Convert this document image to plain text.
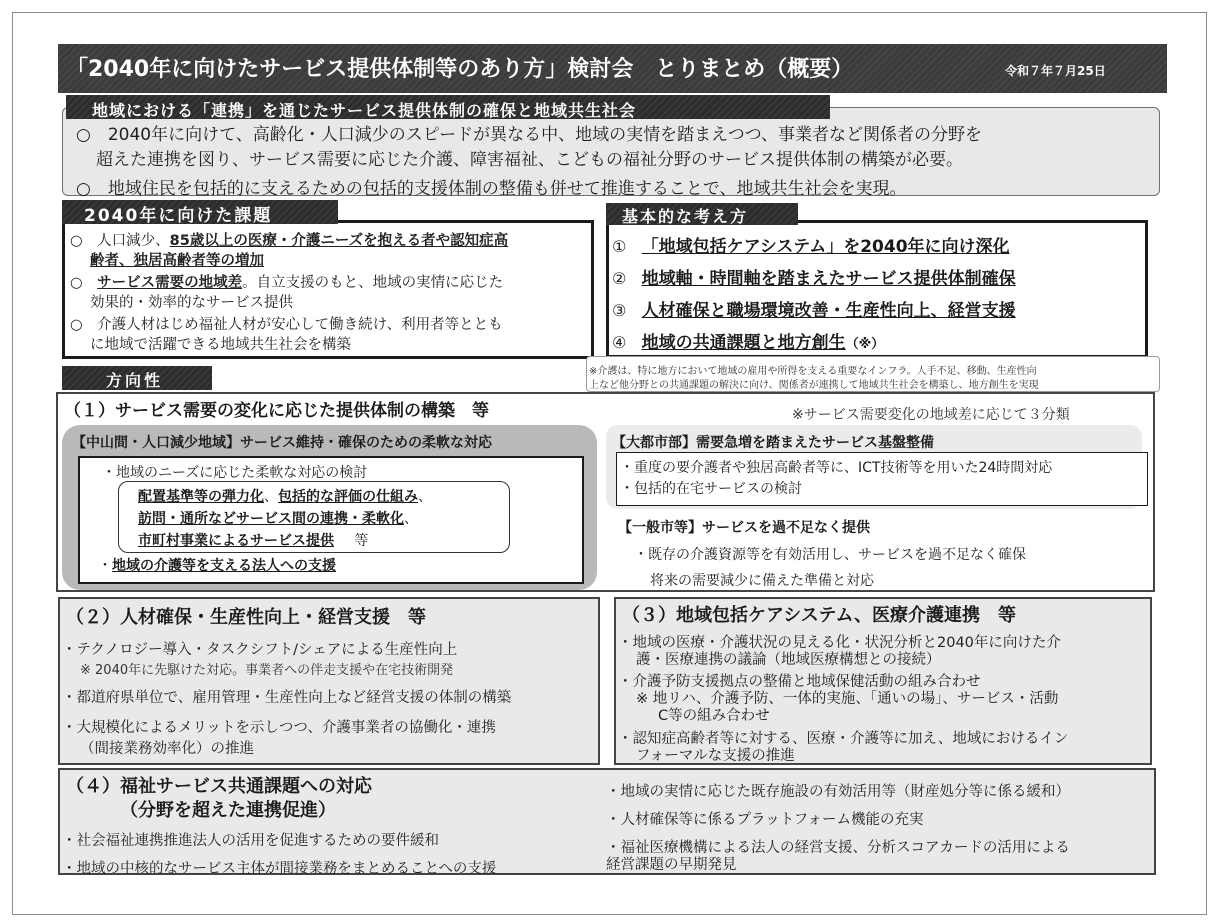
「2040年に向けたサービス提供体制等のあり方」検討会　とりまとめ（概要）	令和７年７月25日
地域における「連携」を通じたサービス提供体制の確保と地域共生社会
○　2040年に向けて、高齢化・人口減少のスピードが異なる中、地域の実情を踏まえつつ、事業者など関係者の分野を
超えた連携を図り、サービス需要に応じた介護、障害福祉、こどもの福祉分野のサービス提供体制の構築が必要。
○　地域住民を包括的に支えるための包括的支援体制の整備も併せて推進することで、地域共生社会を実現。
2040年に向けた課題
○　人口減少、85歳以上の医療・介護ニーズを抱える者や認知症高
齢者、独居高齢者等の増加
○　サービス需要の地域差。自立支援のもと、地域の実情に応じた
効果的・効率的なサービス提供
○　介護人材はじめ福祉人材が安心して働き続け、利用者等ととも
に地域で活躍できる地域共生社会を構築
基本的な考え方
① 「地域包括ケアシステム」を2040年に向け深化
② 地域軸・時間軸を踏まえたサービス提供体制確保
③ 人材確保と職場環境改善・生産性向上、経営支援
④ 地域の共通課題と地方創生（※）
※介護は、特に地方において地域の雇用や所得を支える重要なインフラ。人手不足、移動、生産性向
上など他分野との共通課題の解決に向け、関係者が連携して地域共生社会を構築し、地方創生を実現
方向性
（１）サービス需要の変化に応じた提供体制の構築　等	※サービス需要変化の地域差に応じて３分類
【中山間・人口減少地域】サービス維持・確保のための柔軟な対応
・地域のニーズに応じた柔軟な対応の検討
配置基準等の弾力化、包括的な評価の仕組み、
訪問・通所などサービス間の連携・柔軟化、
市町村事業によるサービス提供 等
・地域の介護等を支える法人への支援
【大都市部】需要急増を踏まえたサービス基盤整備
・重度の要介護者や独居高齢者等に、ICT技術等を用いた24時間対応
・包括的在宅サービスの検討
【一般市等】サービスを過不足なく提供
・既存の介護資源等を有効活用し、サービスを過不足なく確保
将来の需要減少に備えた準備と対応
（２）人材確保・生産性向上・経営支援　等
・テクノロジー導入・タスクシフト/シェアによる生産性向上
※ 2040年に先駆けた対応。事業者への伴走支援や在宅技術開発
・都道府県単位で、雇用管理・生産性向上など経営支援の体制の構築
・大規模化によるメリットを示しつつ、介護事業者の協働化・連携
（間接業務効率化）の推進
（３）地域包括ケアシステム、医療介護連携　等
・地域の医療・介護状況の見える化・状況分析と2040年に向けた介
護・医療連携の議論（地域医療構想との接続）
・介護予防支援拠点の整備と地域保健活動の組み合わせ
※ 地リハ、介護予防、一体的実施、「通いの場」、サービス・活動
C等の組み合わせ
・認知症高齢者等に対する、医療・介護等に加え、地域におけるイン
フォーマルな支援の推進
（４）福祉サービス共通課題への対応
（分野を超えた連携促進）
・社会福祉連携推進法人の活用を促進するための要件緩和
・地域の中核的なサービス主体が間接業務をまとめることへの支援
・地域の実情に応じた既存施設の有効活用等（財産処分等に係る緩和）
・人材確保等に係るプラットフォーム機能の充実
・福祉医療機構による法人の経営支援、分析スコアカードの活用による
経営課題の早期発見
